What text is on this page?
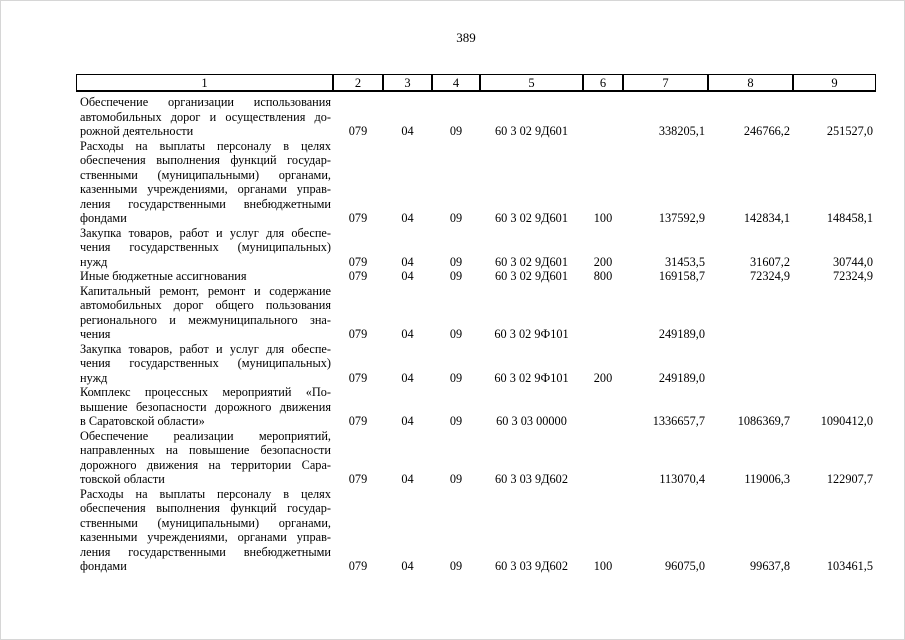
389
1	2	3	4	5	6	7	8	9

Обеспечение организации использования
автомобильных дорог и осуществления до-
рожной деятельности	079	04	09	60 3 02 9Д601		338205,1	246766,2	251527,0

Расходы на выплаты персоналу в целях
обеспечения выполнения функций государ-
ственными (муниципальными) органами,
казенными учреждениями, органами управ-
ления государственными внебюджетными
фондами	079	04	09	60 3 02 9Д601	100	137592,9	142834,1	148458,1

Закупка товаров, работ и услуг для обеспе-
чения государственных (муниципальных)
нужд	079	04	09	60 3 02 9Д601	200	31453,5	31607,2	30744,0

Иные бюджетные ассигнования	079	04	09	60 3 02 9Д601	800	169158,7	72324,9	72324,9

Капитальный ремонт, ремонт и содержание
автомобильных дорог общего пользования
регионального и межмуниципального зна-
чения	079	04	09	60 3 02 9Ф101		249189,0		

Закупка товаров, работ и услуг для обеспе-
чения государственных (муниципальных)
нужд	079	04	09	60 3 02 9Ф101	200	249189,0		

Комплекс процессных мероприятий «По-
вышение безопасности дорожного движения
в Саратовской области»	079	04	09	60 3 03 00000		1336657,7	1086369,7	1090412,0

Обеспечение реализации мероприятий,
направленных на повышение безопасности
дорожного движения на территории Сара-
товской области	079	04	09	60 3 03 9Д602		113070,4	119006,3	122907,7

Расходы на выплаты персоналу в целях
обеспечения выполнения функций государ-
ственными (муниципальными) органами,
казенными учреждениями, органами управ-
ления государственными внебюджетными
фондами	079	04	09	60 3 03 9Д602	100	96075,0	99637,8	103461,5
